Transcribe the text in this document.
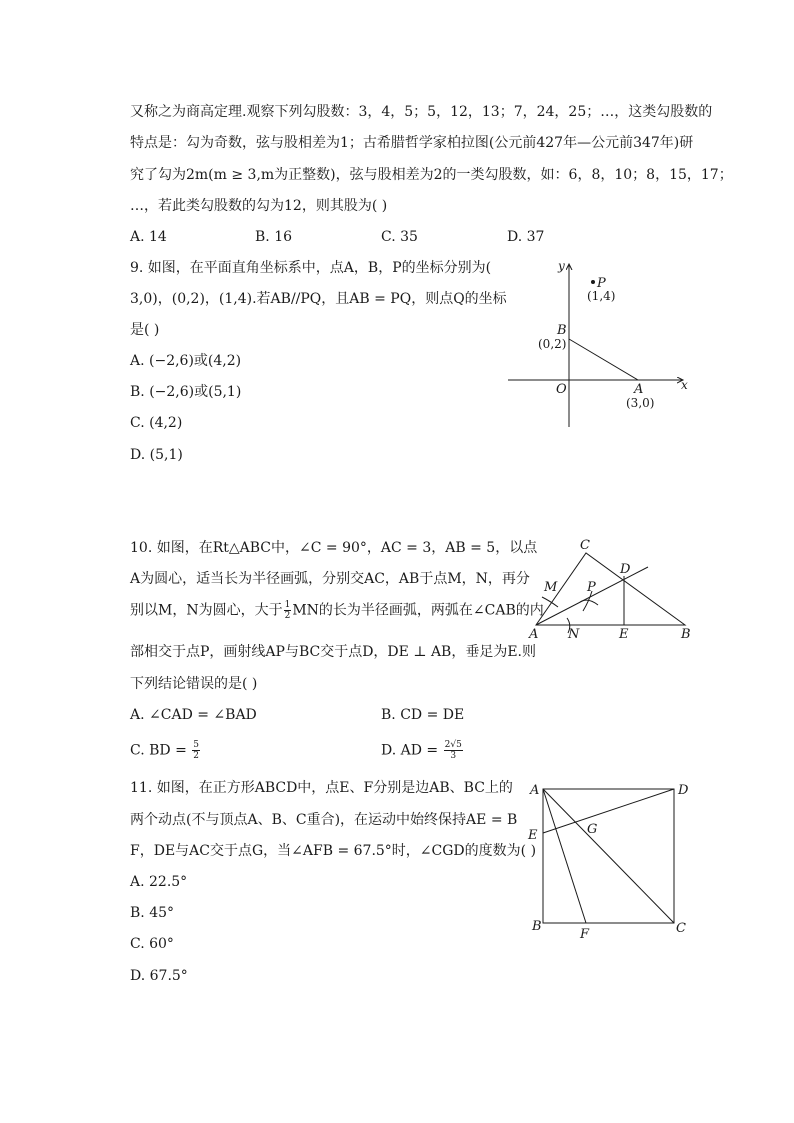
又称之为商高定理.观察下列勾股数：3，4，5；5，12，13；7，24，25；…，这类勾股数的
特点是：勾为奇数，弦与股相差为1；古希腊哲学家柏拉图(公元前427年—公元前347年)研
究了勾为2m(m ≥ 3,m为正整数)，弦与股相差为2的一类勾股数，如：6，8，10；8，15，17；
…，若此类勾股数的勾为12，则其股为( )
A. 14	B. 16	C. 35	D. 37
9. 如图，在平面直角坐标系中，点A，B，P的坐标分别为(
3,0)，(0,2)，(1,4).若AB//PQ，且AB = PQ，则点Q的坐标
是( )
A. (−2,6)或(4,2)
B. (−2,6)或(5,1)
C. (4,2)
D. (5,1)
y
x
O
P
(1,4)
B
(0,2)
A
(3,0)
10. 如图，在Rt△ABC中，∠C = 90°，AC = 3，AB = 5，以点
A为圆心，适当长为半径画弧，分别交AC，AB于点M，N，再分
别以M，N为圆心，大于 $\frac{1}{2}$ MN的长为半径画弧，两弧在∠CAB的内
部相交于点P，画射线AP与BC交于点D，DE ⊥ AB，垂足为E.则
下列结论错误的是( )
A. ∠CAD = ∠BAD	B. CD = DE
C. BD = $\frac{5}{2}$	D. AD = $\frac{2√5}{3}$
C
D
M P
A N	E	B
11. 如图，在正方形ABCD中，点E、F分别是边AB、BC上的
两个动点(不与顶点A、B、C重合)，在运动中始终保持AE = B
F，DE与AC交于点G，当∠AFB = 67.5°时，∠CGD的度数为( )
A. 22.5°
B. 45°
C. 60°
D. 67.5°
A	D
E	G
B
F	C
